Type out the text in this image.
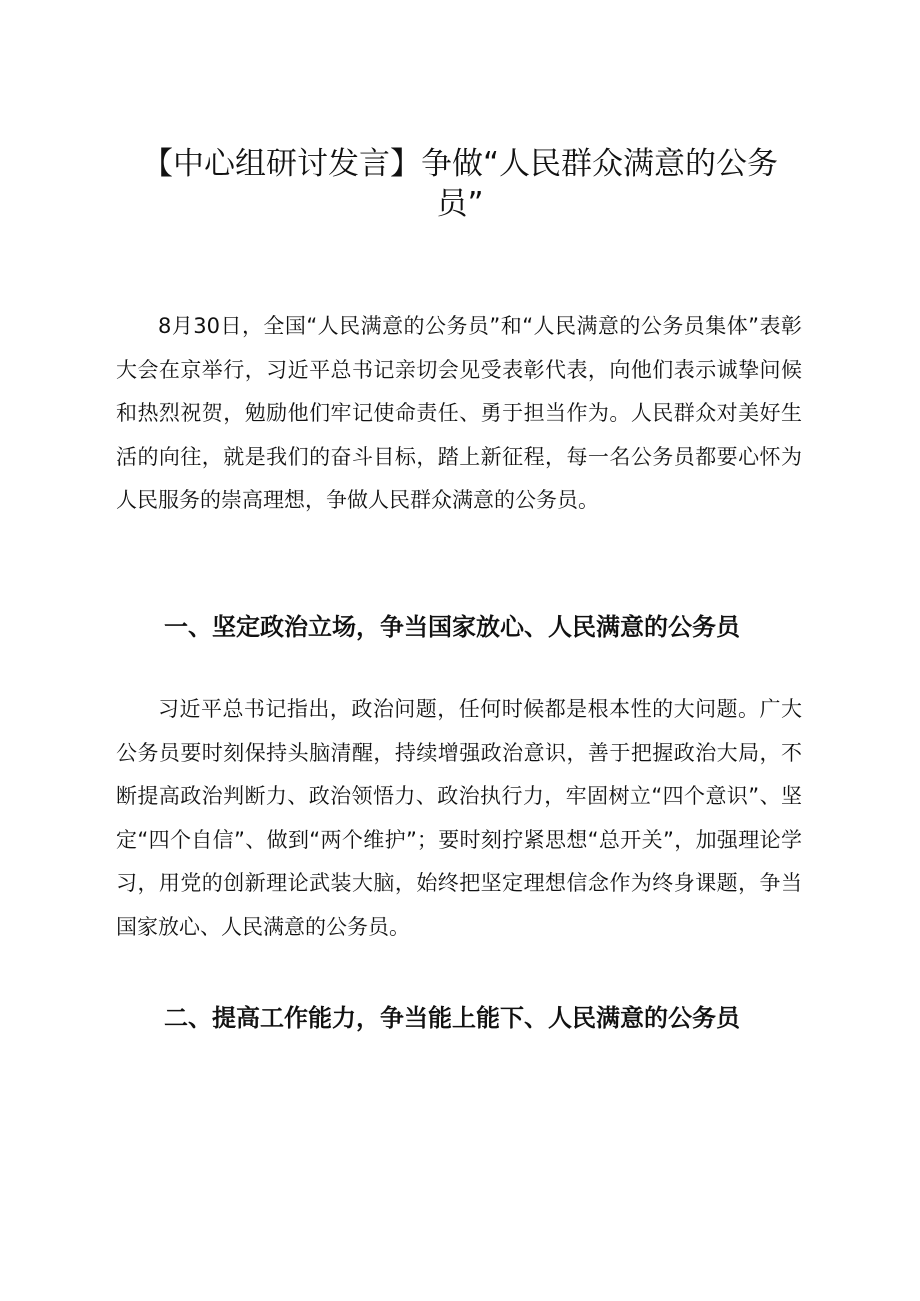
【中心组研讨发言】争做“人民群众满意的公务员”

8月30日，全国“人民满意的公务员”和“人民满意的公务员集体”表彰大会在京举行，习近平总书记亲切会见受表彰代表，向他们表示诚挚问候和热烈祝贺，勉励他们牢记使命责任、勇于担当作为。人民群众对美好生活的向往，就是我们的奋斗目标，踏上新征程，每一名公务员都要心怀为人民服务的崇高理想，争做人民群众满意的公务员。

一、坚定政治立场，争当国家放心、人民满意的公务员

习近平总书记指出，政治问题，任何时候都是根本性的大问题。广大公务员要时刻保持头脑清醒，持续增强政治意识，善于把握政治大局，不断提高政治判断力、政治领悟力、政治执行力，牢固树立“四个意识”、坚定“四个自信”、做到“两个维护”；要时刻拧紧思想“总开关”，加强理论学习，用党的创新理论武装大脑，始终把坚定理想信念作为终身课题，争当国家放心、人民满意的公务员。

二、提高工作能力，争当能上能下、人民满意的公务员
